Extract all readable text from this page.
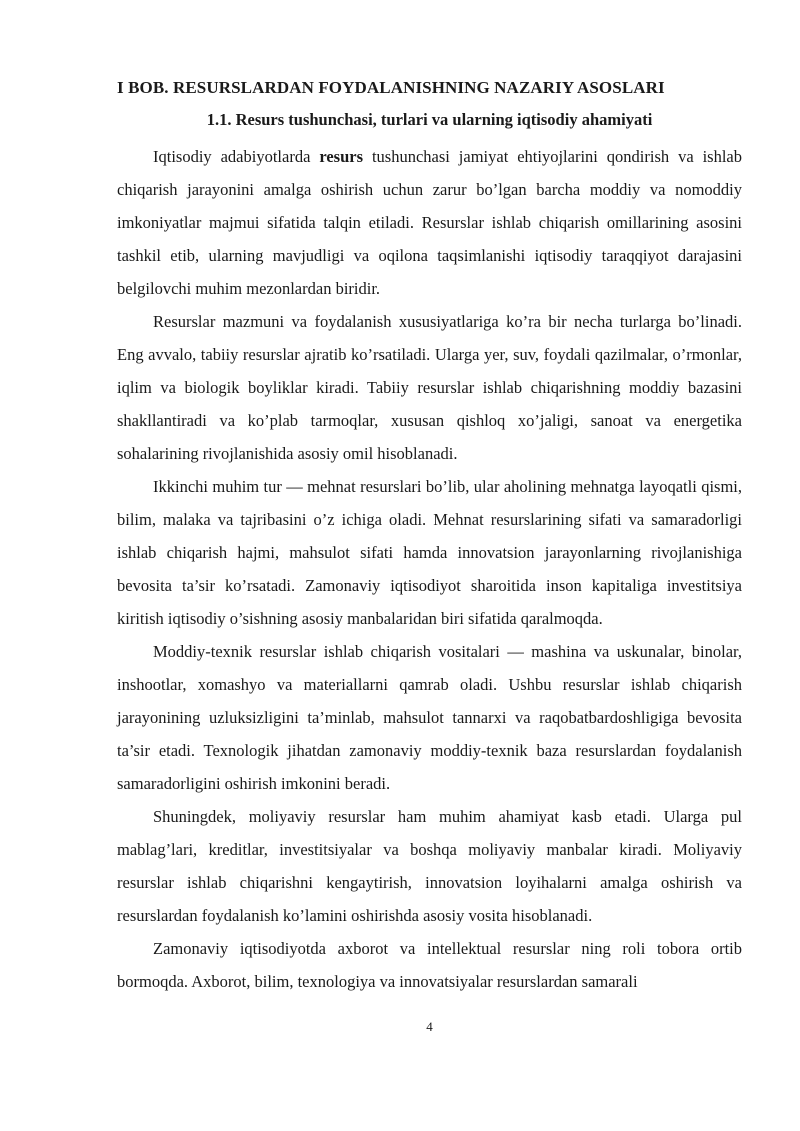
I BOB. RESURSLARDAN FOYDALANISHNING NAZARIY ASOSLARI
1.1. Resurs tushunchasi, turlari va ularning iqtisodiy ahamiyati

Iqtisodiy adabiyotlarda resurs tushunchasi jamiyat ehtiyojlarini qondirish va ishlab chiqarish jarayonini amalga oshirish uchun zarur bo’lgan barcha moddiy va nomoddiy imkoniyatlar majmui sifatida talqin etiladi. Resurslar ishlab chiqarish omillarining asosini tashkil etib, ularning mavjudligi va oqilona taqsimlanishi iqtisodiy taraqqiyot darajasini belgilovchi muhim mezonlardan biridir.

Resurslar mazmuni va foydalanish xususiyatlariga ko’ra bir necha turlarga bo’linadi. Eng avvalo, tabiiy resurslar ajratib ko’rsatiladi. Ularga yer, suv, foydali qazilmalar, o’rmonlar, iqlim va biologik boyliklar kiradi. Tabiiy resurslar ishlab chiqarishning moddiy bazasini shakllantiradi va ko’plab tarmoqlar, xususan qishloq xo’jaligi, sanoat va energetika sohalarining rivojlanishida asosiy omil hisoblanadi.

Ikkinchi muhim tur — mehnat resurslari bo’lib, ular aholining mehnatga layoqatli qismi, bilim, malaka va tajribasini o’z ichiga oladi. Mehnat resurslarining sifati va samaradorligi ishlab chiqarish hajmi, mahsulot sifati hamda innovatsion jarayonlarning rivojlanishiga bevosita ta’sir ko’rsatadi. Zamonaviy iqtisodiyot sharoitida inson kapitaliga investitsiya kiritish iqtisodiy o’sishning asosiy manbalaridan biri sifatida qaralmoqda.

Moddiy-texnik resurslar ishlab chiqarish vositalari — mashina va uskunalar, binolar, inshootlar, xomashyo va materiallarni qamrab oladi. Ushbu resurslar ishlab chiqarish jarayonining uzluksizligini ta’minlab, mahsulot tannarxi va raqobatbardoshligiga bevosita ta’sir etadi. Texnologik jihatdan zamonaviy moddiy-texnik baza resurslardan foydalanish samaradorligini oshirish imkonini beradi.

Shuningdek, moliyaviy resurslar ham muhim ahamiyat kasb etadi. Ularga pul mablag’lari, kreditlar, investitsiyalar va boshqa moliyaviy manbalar kiradi. Moliyaviy resurslar ishlab chiqarishni kengaytirish, innovatsion loyihalarni amalga oshirish va resurslardan foydalanish ko’lamini oshirishda asosiy vosita hisoblanadi.

Zamonaviy iqtisodiyotda axborot va intellektual resurslar ning roli tobora ortib bormoqda. Axborot, bilim, texnologiya va innovatsiyalar resurslardan samarali

4
